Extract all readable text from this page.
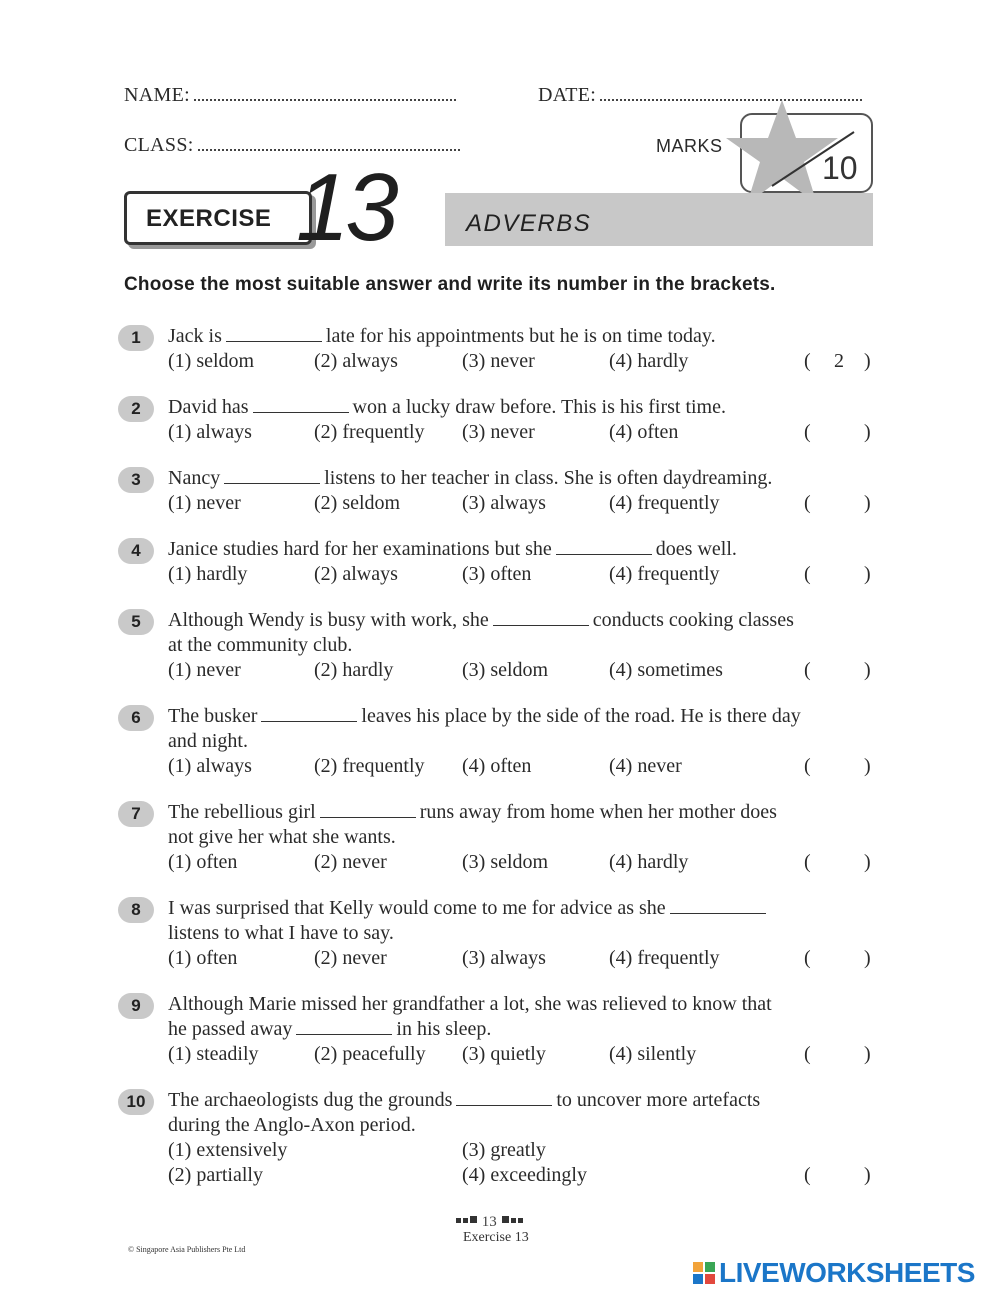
NAME:	DATE:
CLASS:	MARKS
10
EXERCISE 13	ADVERBS
Choose the most suitable answer and write its number in the brackets.
1	Jack is	late for his appointments but he is on time today.
(1) seldom	(2) always	(3) never	(4) hardly	( 2 )
2	David has	won a lucky draw before. This is his first time.
(1) always	(2) frequently (3) never	(4) often	(	)
3	Nancy	listens to her teacher in class. She is often daydreaming.
(1) never	(2) seldom	(3) always	(4) frequently	(	)
4	Janice studies hard for her examinations but she	does well.
(1) hardly	(2) always	(3) often	(4) frequently	(	)
5	Although Wendy is busy with work, she	conducts cooking classes
at the community club.
(1) never	(2) hardly	(3) seldom	(4) sometimes	(	)
6	The busker	leaves his place by the side of the road. He is there day
and night.
(1) always	(2) frequently (4) often	(4) never	(	)
7	The rebellious girl	runs away from home when her mother does
not give her what she wants.
(1) often	(2) never	(3) seldom	(4) hardly	(	)
8	I was surprised that Kelly would come to me for advice as she
listens to what I have to say.
(1) often	(2) never	(3) always	(4) frequently	(	)
9	Although Marie missed her grandfather a lot, she was relieved to know that
he passed away	in his sleep.
(1) steadily	(2) peacefully (3) quietly	(4) silently	(	)
10	The archaeologists dug the grounds	to uncover more artefacts
during the Anglo-Axon period.
(1) extensively	(3) greatly
(2) partially	(4) exceedingly	(	)
13
Exercise 13
© Singapore Asia Publishers Pte Ltd
LIVEWORKSHEETS
